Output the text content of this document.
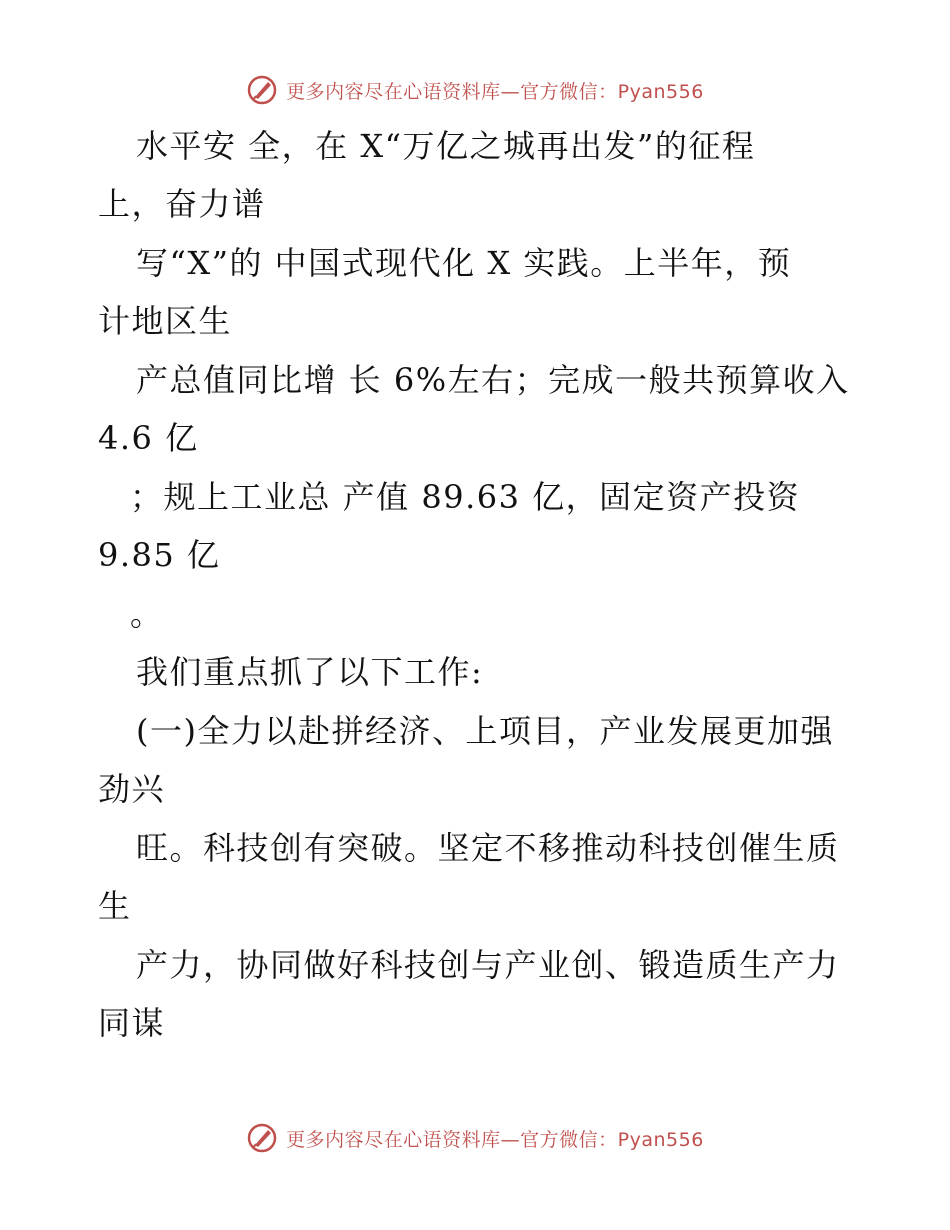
更多内容尽在心语资料库—官方微信：Pyan556
水平安 全，在 X“万亿之城再出发”的征程
上，奋力谱
写“X”的 中国式现代化 X 实践。上半年，预
计地区生
产总值同比增 长 6%左右；完成一般共预算收入
4.6 亿
；规上工业总 产值 89.63 亿，固定资产投资
9.85 亿
。
我们重点抓了以下工作:
(一)全力以赴拼经济、上项目，产业发展更加强
劲兴
旺。科技创有突破。坚定不移推动科技创催生质
生
产力，协同做好科技创与产业创、锻造质生产力
同谋
更多内容尽在心语资料库—官方微信：Pyan556
